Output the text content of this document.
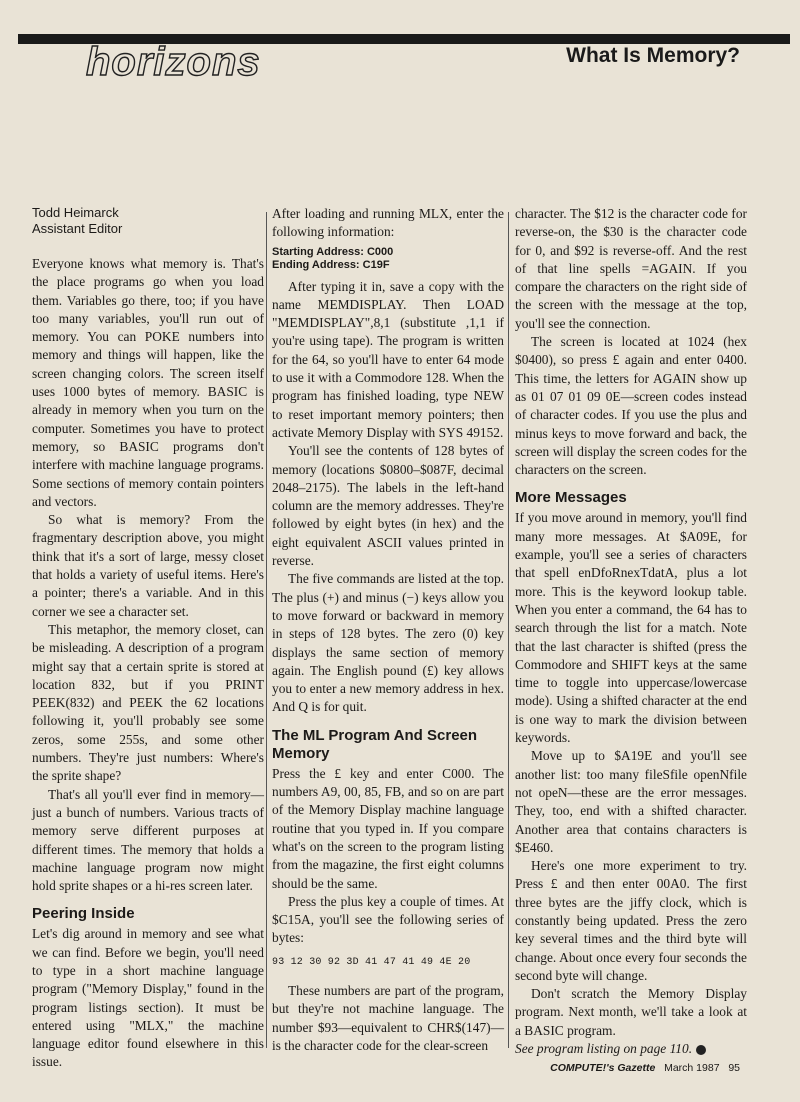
horizons	What Is Memory?
Todd Heimarck
Assistant Editor

Everyone knows what memory is. That's the place programs go when you load them. Variables go there, too; if you have too many variables, you'll run out of memory. You can POKE numbers into memory and things will happen, like the screen changing colors. The screen itself uses 1000 bytes of memory. BASIC is already in memory when you turn on the computer. Sometimes you have to protect memory, so BASIC programs don't interfere with machine language programs. Some sections of memory contain pointers and vectors.

So what is memory? From the fragmentary description above, you might think that it's a sort of large, messy closet that holds a variety of useful items. Here's a pointer; there's a variable. And in this corner we see a character set.

This metaphor, the memory closet, can be misleading. A description of a program might say that a certain sprite is stored at location 832, but if you PRINT PEEK(832) and PEEK the 62 locations following it, you'll probably see some zeros, some 255s, and some other numbers. They're just numbers: Where's the sprite shape?

That's all you'll ever find in memory—just a bunch of numbers. Various tracts of memory serve different purposes at different times. The memory that holds a machine language program now might hold sprite shapes or a hi-res screen later.

Peering Inside

Let's dig around in memory and see what we can find. Before we begin, you'll need to type in a short machine language program ("Memory Display," found in the program listings section). It must be entered using "MLX," the machine language editor found elsewhere in this issue.

After loading and running MLX, enter the following information:

Starting Address: C000
Ending Address: C19F

After typing it in, save a copy with the name MEMDISPLAY. Then LOAD "MEMDISPLAY",8,1 (substitute ,1,1 if you're using tape). The program is written for the 64, so you'll have to enter 64 mode to use it with a Commodore 128. When the program has finished loading, type NEW to reset important memory pointers; then activate Memory Display with SYS 49152.

You'll see the contents of 128 bytes of memory (locations $0800–$087F, decimal 2048–2175). The labels in the left-hand column are the memory addresses. They're followed by eight bytes (in hex) and the eight equivalent ASCII values printed in reverse.

The five commands are listed at the top. The plus (+) and minus (−) keys allow you to move forward or backward in memory in steps of 128 bytes. The zero (0) key displays the same section of memory again. The English pound (£) key allows you to enter a new memory address in hex. And Q is for quit.

The ML Program And Screen Memory

Press the £ key and enter C000. The numbers A9, 00, 85, FB, and so on are part of the Memory Display machine language routine that you typed in. If you compare what's on the screen to the program listing from the magazine, the first eight columns should be the same.

Press the plus key a couple of times. At $C15A, you'll see the following series of bytes:

93 12 30 92 3D 41 47 41 49 4E 20

These numbers are part of the program, but they're not machine language. The number $93—equivalent to CHR$(147)—is the character code for the clear-screen

character. The $12 is the character code for reverse-on, the $30 is the character code for 0, and $92 is reverse-off. And the rest of that line spells =AGAIN. If you compare the characters on the right side of the screen with the message at the top, you'll see the connection.

The screen is located at 1024 (hex $0400), so press £ again and enter 0400. This time, the letters for AGAIN show up as 01 07 01 09 0E—screen codes instead of character codes. If you use the plus and minus keys to move forward and back, the screen will display the screen codes for the characters on the screen.

More Messages

If you move around in memory, you'll find many more messages. At $A09E, for example, you'll see a series of characters that spell enDfoRnexTdatA, plus a lot more. This is the keyword lookup table. When you enter a command, the 64 has to search through the list for a match. Note that the last character is shifted (press the Commodore and SHIFT keys at the same time to toggle into uppercase/lowercase mode). Using a shifted character at the end is one way to mark the division between keywords.

Move up to $A19E and you'll see another list: too many fileSfile openNfile not opeN—these are the error messages. They, too, end with a shifted character. Another area that contains characters is $E460.

Here's one more experiment to try. Press £ and then enter 00A0. The first three bytes are the jiffy clock, which is constantly being updated. Press the zero key several times and the third byte will change. About once every four seconds the second byte will change.

Don't scratch the Memory Display program. Next month, we'll take a look at a BASIC program.

See program listing on page 110.

COMPUTE!'s Gazette March 1987 95
